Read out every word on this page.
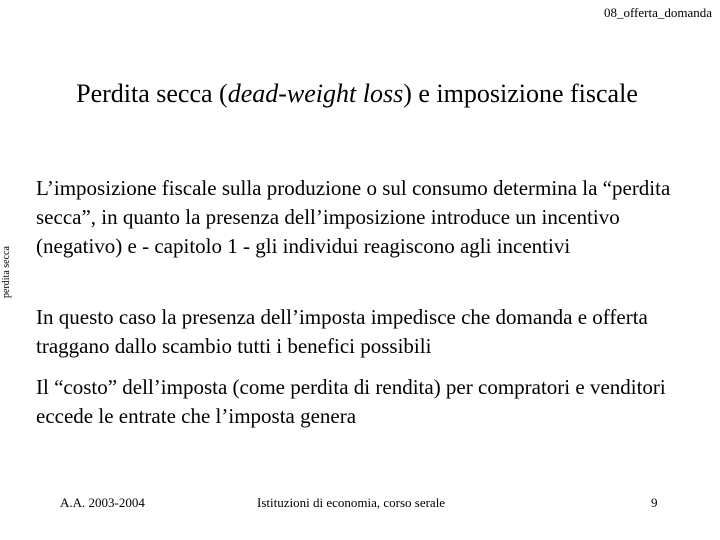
08_offerta_domanda
Perdita secca (dead-weight loss) e imposizione fiscale
perdita secca
L’imposizione fiscale sulla produzione o sul consumo determina la “perdita secca”, in quanto la presenza dell’imposizione introduce un incentivo (negativo) e - capitolo 1 - gli individui reagiscono agli incentivi
In questo caso la presenza dell’imposta impedisce che domanda e offerta traggano dallo scambio tutti i benefici possibili
Il “costo” dell’imposta (come perdita di rendita) per compratori e venditori eccede le entrate che l’imposta genera
A.A. 2003-2004	Istituzioni di economia, corso serale	9
